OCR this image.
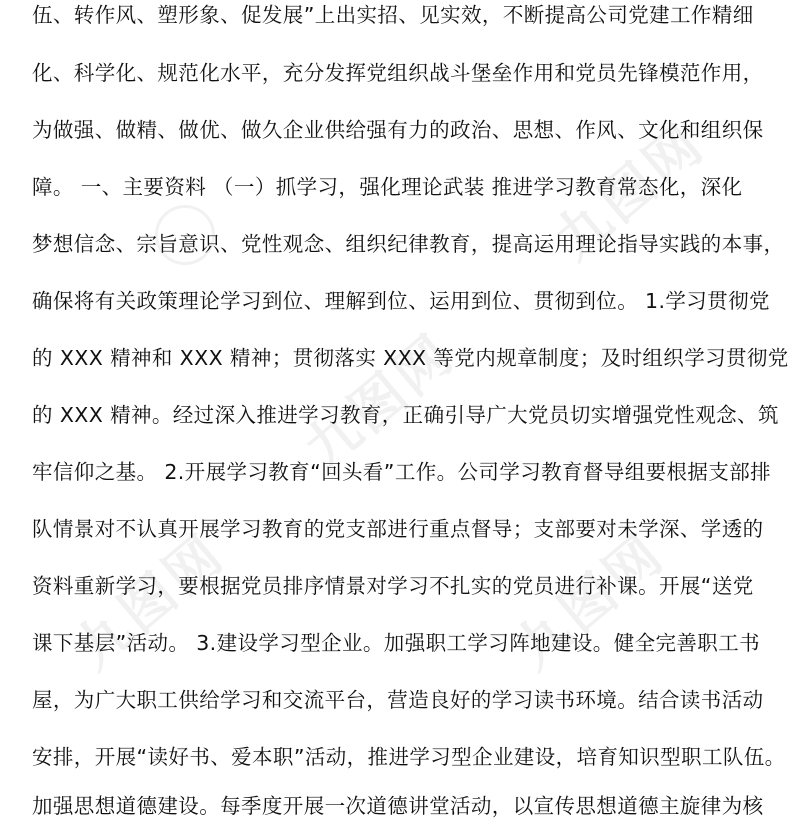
九图网
九图网
九图网	九图网

伍、转作风、塑形象、促发展”上出实招、见实效，不断提高公司党建工作精细

化、科学化、规范化水平，充分发挥党组织战斗堡垒作用和党员先锋模范作用，

为做强、做精、做优、做久企业供给强有力的政治、思想、作风、文化和组织保

障。 一、主要资料 （一）抓学习，强化理论武装 推进学习教育常态化，深化

梦想信念、宗旨意识、党性观念、组织纪律教育，提高运用理论指导实践的本事，

确保将有关政策理论学习到位、理解到位、运用到位、贯彻到位。 1.学习贯彻党

的 XXX 精神和 XXX 精神；贯彻落实 XXX 等党内规章制度；及时组织学习贯彻党

的 XXX 精神。经过深入推进学习教育，正确引导广大党员切实增强党性观念、筑

牢信仰之基。 2.开展学习教育“回头看”工作。公司学习教育督导组要根据支部排

队情景对不认真开展学习教育的党支部进行重点督导；支部要对未学深、学透的

资料重新学习，要根据党员排序情景对学习不扎实的党员进行补课。开展“送党

课下基层”活动。 3.建设学习型企业。加强职工学习阵地建设。健全完善职工书

屋，为广大职工供给学习和交流平台，营造良好的学习读书环境。结合读书活动

安排，开展“读好书、爱本职”活动，推进学习型企业建设，培育知识型职工队伍。

加强思想道德建设。每季度开展一次道德讲堂活动，以宣传思想道德主旋律为核
